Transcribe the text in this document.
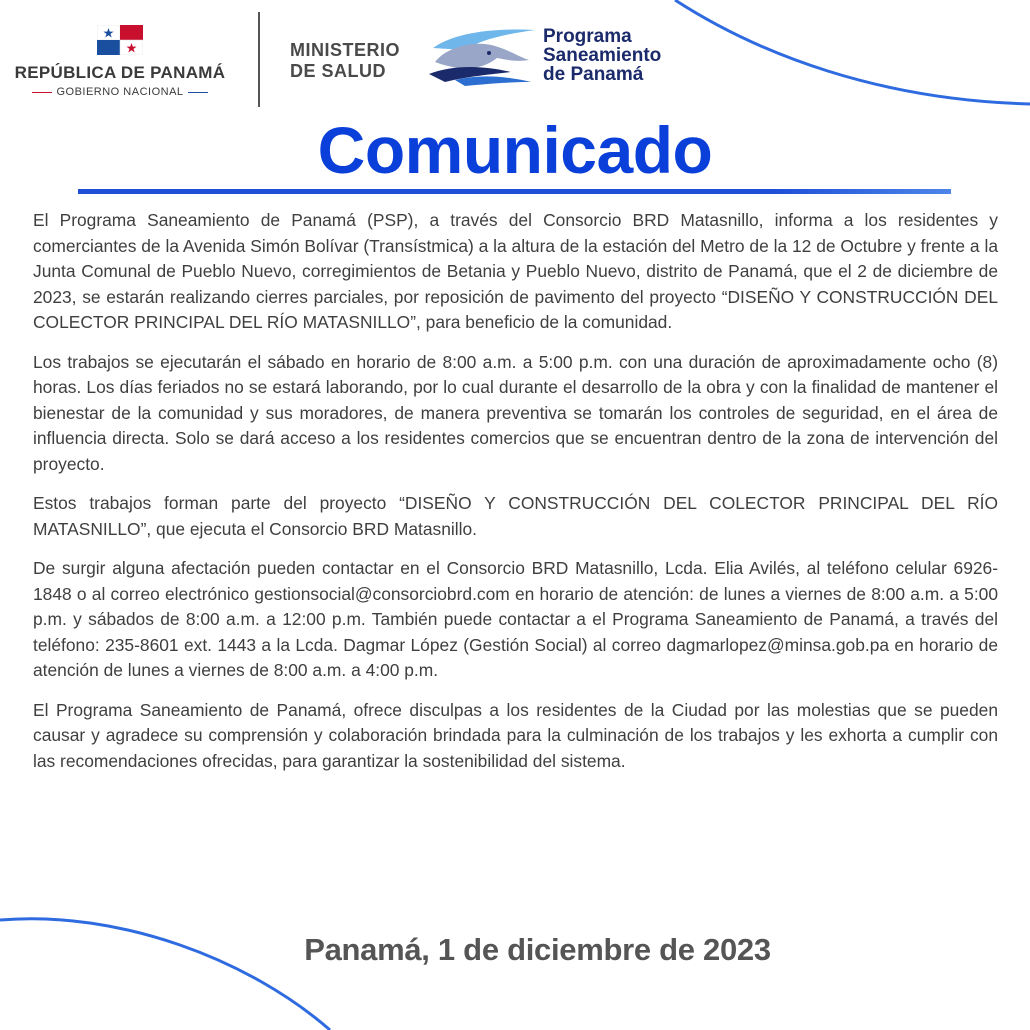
REPÚBLICA DE PANAMÁ
GOBIERNO NACIONAL
MINISTERIO
DE SALUD
Programa
Saneamiento
de Panamá
Comunicado

El Programa Saneamiento de Panamá (PSP), a través del Consorcio BRD Matasnillo, informa a los residentes y comerciantes de la Avenida Simón Bolívar (Transístmica) a la altura de la estación del Metro de la 12 de Octubre y frente a la Junta Comunal de Pueblo Nuevo, corregimientos de Betania y Pueblo Nuevo, distrito de Panamá, que el 2 de diciembre de 2023, se estarán realizando cierres parciales, por reposición de pavimento del proyecto “DISEÑO Y CONSTRUCCIÓN DEL COLECTOR PRINCIPAL DEL RÍO MATASNILLO”, para beneficio de la comunidad.

Los trabajos se ejecutarán el sábado en horario de 8:00 a.m. a 5:00 p.m. con una duración de aproximadamente ocho (8) horas. Los días feriados no se estará laborando, por lo cual durante el desarrollo de la obra y con la finalidad de mantener el bienestar de la comunidad y sus moradores, de manera preventiva se tomarán los controles de seguridad, en el área de influencia directa. Solo se dará acceso a los residentes comercios que se encuentran dentro de la zona de intervención del proyecto.

Estos trabajos forman parte del proyecto “DISEÑO Y CONSTRUCCIÓN DEL COLECTOR PRINCIPAL DEL RÍO MATASNILLO”, que ejecuta el Consorcio BRD Matasnillo.

De surgir alguna afectación pueden contactar en el Consorcio BRD Matasnillo, Lcda. Elia Avilés, al teléfono celular 6926-1848 o al correo electrónico gestionsocial@consorciobrd.com en horario de atención: de lunes a viernes de 8:00 a.m. a 5:00 p.m. y sábados de 8:00 a.m. a 12:00 p.m. También puede contactar a el Programa Saneamiento de Panamá, a través del teléfono: 235-8601 ext. 1443 a la Lcda. Dagmar López (Gestión Social) al correo dagmarlopez@minsa.gob.pa en horario de atención de lunes a viernes de 8:00 a.m. a 4:00 p.m.

El Programa Saneamiento de Panamá, ofrece disculpas a los residentes de la Ciudad por las molestias que se pueden causar y agradece su comprensión y colaboración brindada para la culminación de los trabajos y les exhorta a cumplir con las recomendaciones ofrecidas, para garantizar la sostenibilidad del sistema.

Panamá, 1 de diciembre de 2023
